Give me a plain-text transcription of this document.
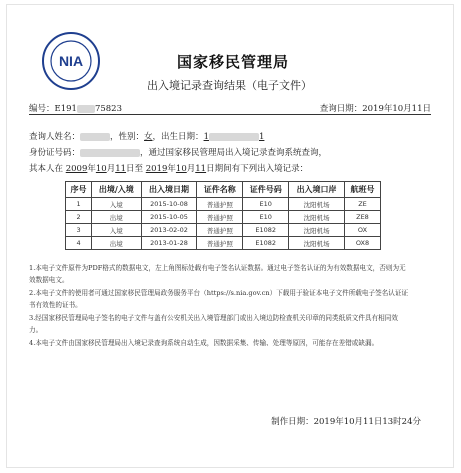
NIA	国家移民管理局
出入境记录查询结果（电子文件）
编号：E191 75823	查询日期：2019年10月11日
查询人姓名：	，性别：女，出生日期：1	1
身份证号码：	，通过国家移民管理局出入境记录查询系统查询，
其本人在 2009年10月11日至 2019年10月11日期间有下列出入境记录：
序号	出境/入境	出入境日期	证件名称	证件号码	出入境口岸	航班号
1	入境	2015-10-08	普通护照	E10	沈阳机场	ZE
2	出境	2015-10-05	普通护照	E10	沈阳机场	ZE8
3	入境	2013-02-02	普通护照	E1082	沈阳机场	OX
4	出境	2013-01-28	普通护照	E1082	沈阳机场	OX8

1.本电子文件原件为PDF格式的数据电文，左上角图标处载有电子签名认证数据。通过电子签名认证的为有效数据电文，否则为无效数据电文。

2.本电子文件的使用者可通过国家移民管理局政务服务平台（https://s.nia.gov.cn）下载用于验证本电子文件所载电子签名认证证书有效性的证书。

3.经国家移民管理局电子签名的电子文件与盖有公安机关出入境管理部门或出入境边防检查机关印章的同类纸质文件具有相同效力。

4.本电子文件由国家移民管理局出入境记录查询系统自动生成，因数据采集、传输、处理等原因，可能存在差错或缺漏。

制作日期：2019年10月11日13时24分
